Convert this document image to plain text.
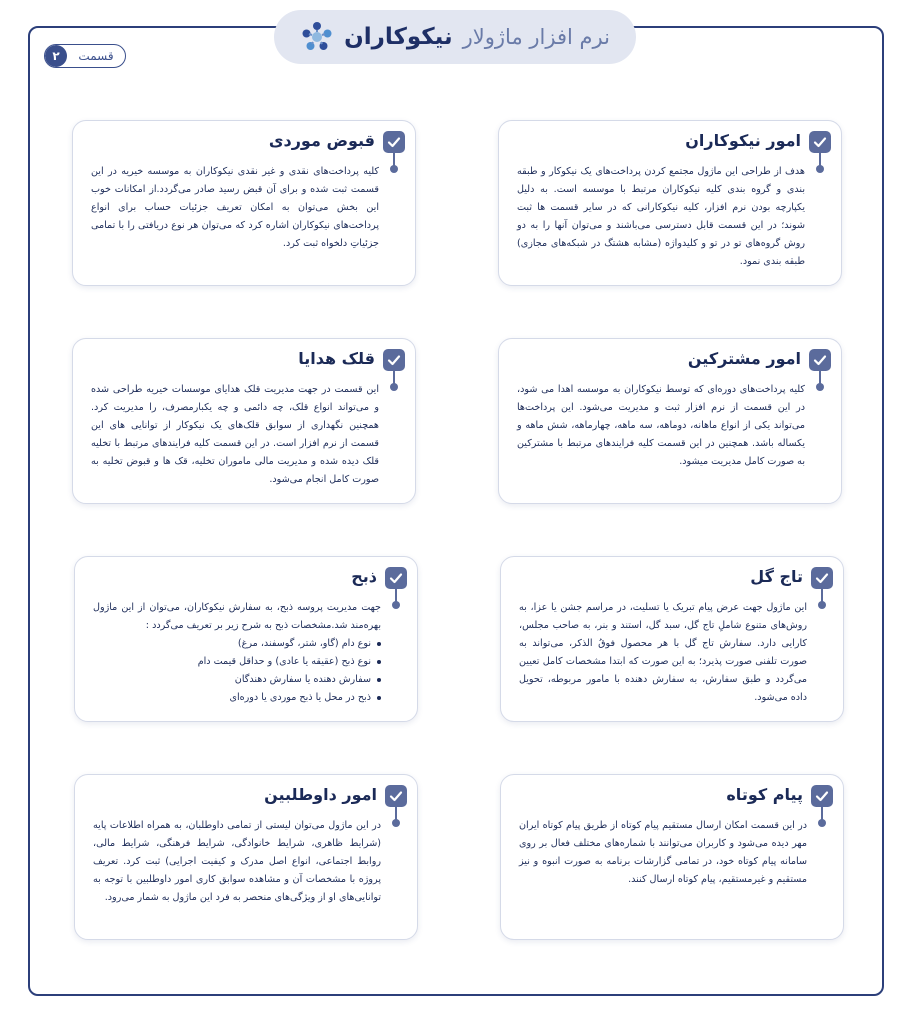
نرم افزار ماژولار
نیکوکاران
۲	قسمت
امور نیکوکاران
هدف از طراحی این ماژول مجتمع کردن پرداخت‌های یک نیکوکار و طبقه بندی و گروه بندی کلیه نیکوکاران مرتبط با موسسه است. به دلیل یکپارچه بودن نرم افزار، کلیه نیکوکارانی که در سایر قسمت ها ثبت شوند؛ در این قسمت قابل دسترسی می‌باشند و می‌توان آنها را به دو روش گروه‌های تو در تو و کلیدواژه (مشابه هشتگ در شبکه‌های مجازی) طبقه بندی نمود.
قبوض موردی
کلیه پرداخت‌های نقدی و غیر نقدی نیکوکاران به موسسه خیریه در این قسمت ثبت شده و برای آن قبض رسید صادر می‌گردد.از امکانات خوب این بخش می‌توان به امکان تعریف جزئیات حساب برای انواع پرداخت‌های نیکوکاران اشاره کرد که می‌توان هر نوع دریافتی را با تمامی جزئیاتِ دلخواه ثبت کرد.
امور مشترکین
کلیه پرداخت‌های دوره‌ای که توسط نیکوکاران به موسسه اهدا می شود، در این قسمت از نرم افزار ثبت و مدیریت می‌شود. این پرداخت‌ها می‌تواند یکی از انواع ماهانه، دوماهه، سه ماهه، چهارماهه، شش ماهه و یکساله باشد. همچنین در این قسمت کلیه فرایندهای مرتبط با مشترکین به صورت کامل مدیریت میشود.
قلک هدایا
این قسمت در جهت مدیریت قلک هدایای موسسات خیریه طراحی شده و می‌تواند انواع قلک، چه دائمی و چه یکبارمصرف، را مدیریت کرد. همچنین نگهداری از سوابق قلک‌های یک نیکوکار از توانایی های این قسمت از نرم افزار است. در این قسمت کلیه فرایندهای مرتبط با تخلیه قلک دیده شده و مدیریت مالی ماموران تخلیه، قک ها و قبوض تخلیه به صورت کامل انجام می‌شود.
تاج گل
این ماژول جهت عرض پیام تبریک یا تسلیت، در مراسم جشن یا عزا، به روش‌های متنوع شاملِ تاج گل، سبد گل، استند و بنر، به صاحب مجلس، کارایی دارد. سفارش تاج گل با هر محصول فوقُ الذکر، می‌تواند به صورت تلفنی صورت پذیرد؛ به این صورت که ابتدا مشخصات کامل تعیین می‌گردد و طبق سفارش، به سفارش دهنده با مامور مربوطه، تحویل داده می‌شود.
ذبح
جهت مدیریت پروسه ذبح، به سفارش نیکوکاران، می‌توان از این ماژول بهره‌مند شد.مشخصات ذبح به شرح زیر بر تعریف می‌گردد :
نوع دام (گاو، شتر، گوسفند، مرغ)
نوع ذبح (عقیقه یا عادی) و حداقل قیمت دام
سفارش دهنده یا سفارش دهندگان
ذبح در محل یا ذبح موردی یا دوره‌ای
پیام کوتاه
در این قسمت امکان ارسال مستقیم پیام کوتاه از طریق پیام کوتاه ایران مهر دیده می‌شود و کاربران می‌توانند با شماره‌های مختلف فعال بر روی سامانه پیام کوتاه خود، در تمامی گزارشات برنامه به صورت انبوه و نیز مستقیم و غیرمستقیم، پیام کوتاه ارسال کنند.
امور داوطلبین
در این ماژول می‌توان لیستی از تمامی داوطلبان، به همراه اطلاعات پایه (شرایط ظاهری، شرایط خانوادگی، شرایط فرهنگی، شرایط مالی، روابط اجتماعی، انواع اصل مدرک و کیفیت اجرایی) ثبت کرد. تعریف پروژه با مشخصات آن و مشاهده سوابق کاری امور داوطلبین با توجه به توانایی‌های او از ویژگی‌های منحصر به فرد این ماژول به شمار می‌رود.
